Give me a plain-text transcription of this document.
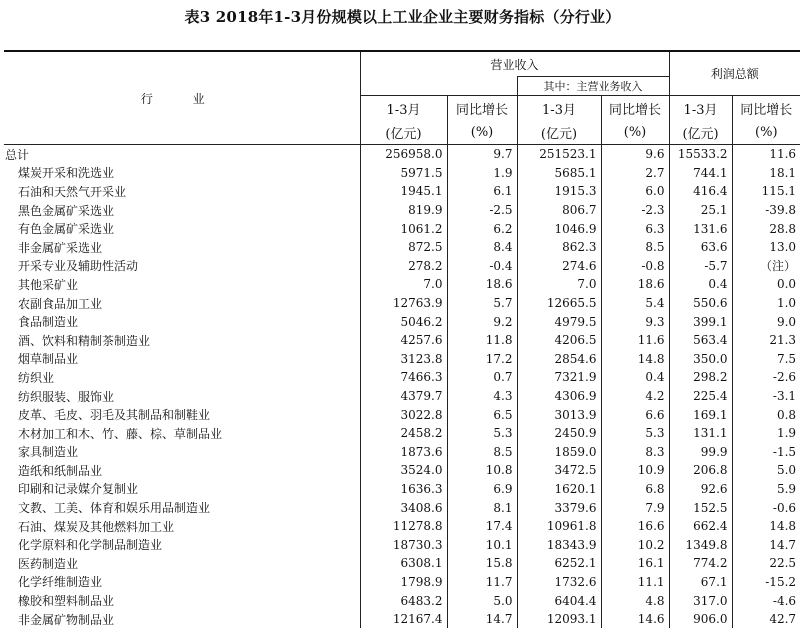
表3 2018年1-3月份规模以上工业企业主要财务指标（分行业）
行 业	营业收入				利润总额	
			其中：主营业务收入			
	1-3月	同比增长	1-3月	同比增长	1-3月	同比增长
	(亿元)	(%)	(亿元)	(%)	(亿元)	(%)
总计	256958.0	9.7	251523.1	9.6	15533.2	11.6
煤炭开采和洗选业	5971.5	1.9	5685.1	2.7	744.1	18.1
石油和天然气开采业	1945.1	6.1	1915.3	6.0	416.4	115.1
黑色金属矿采选业	819.9	-2.5	806.7	-2.3	25.1	-39.8
有色金属矿采选业	1061.2	6.2	1046.9	6.3	131.6	28.8
非金属矿采选业	872.5	8.4	862.3	8.5	63.6	13.0
开采专业及辅助性活动	278.2	-0.4	274.6	-0.8	-5.7	（注）
其他采矿业	7.0	18.6	7.0	18.6	0.4	0.0
农副食品加工业	12763.9	5.7	12665.5	5.4	550.6	1.0
食品制造业	5046.2	9.2	4979.5	9.3	399.1	9.0
酒、饮料和精制茶制造业	4257.6	11.8	4206.5	11.6	563.4	21.3
烟草制品业	3123.8	17.2	2854.6	14.8	350.0	7.5
纺织业	7466.3	0.7	7321.9	0.4	298.2	-2.6
纺织服装、服饰业	4379.7	4.3	4306.9	4.2	225.4	-3.1
皮革、毛皮、羽毛及其制品和制鞋业	3022.8	6.5	3013.9	6.6	169.1	0.8
木材加工和木、竹、藤、棕、草制品业	2458.2	5.3	2450.9	5.3	131.1	1.9
家具制造业	1873.6	8.5	1859.0	8.3	99.9	-1.5
造纸和纸制品业	3524.0	10.8	3472.5	10.9	206.8	5.0
印刷和记录媒介复制业	1636.3	6.9	1620.1	6.8	92.6	5.9
文教、工美、体育和娱乐用品制造业	3408.6	8.1	3379.6	7.9	152.5	-0.6
石油、煤炭及其他燃料加工业	11278.8	17.4	10961.8	16.6	662.4	14.8
化学原料和化学制品制造业	18730.3	10.1	18343.9	10.2	1349.8	14.7
医药制造业	6308.1	15.8	6252.1	16.1	774.2	22.5
化学纤维制造业	1798.9	11.7	1732.6	11.1	67.1	-15.2
橡胶和塑料制品业	6483.2	5.0	6404.4	4.8	317.0	-4.6
非金属矿物制品业	12167.4	14.7	12093.1	14.6	906.0	42.7
